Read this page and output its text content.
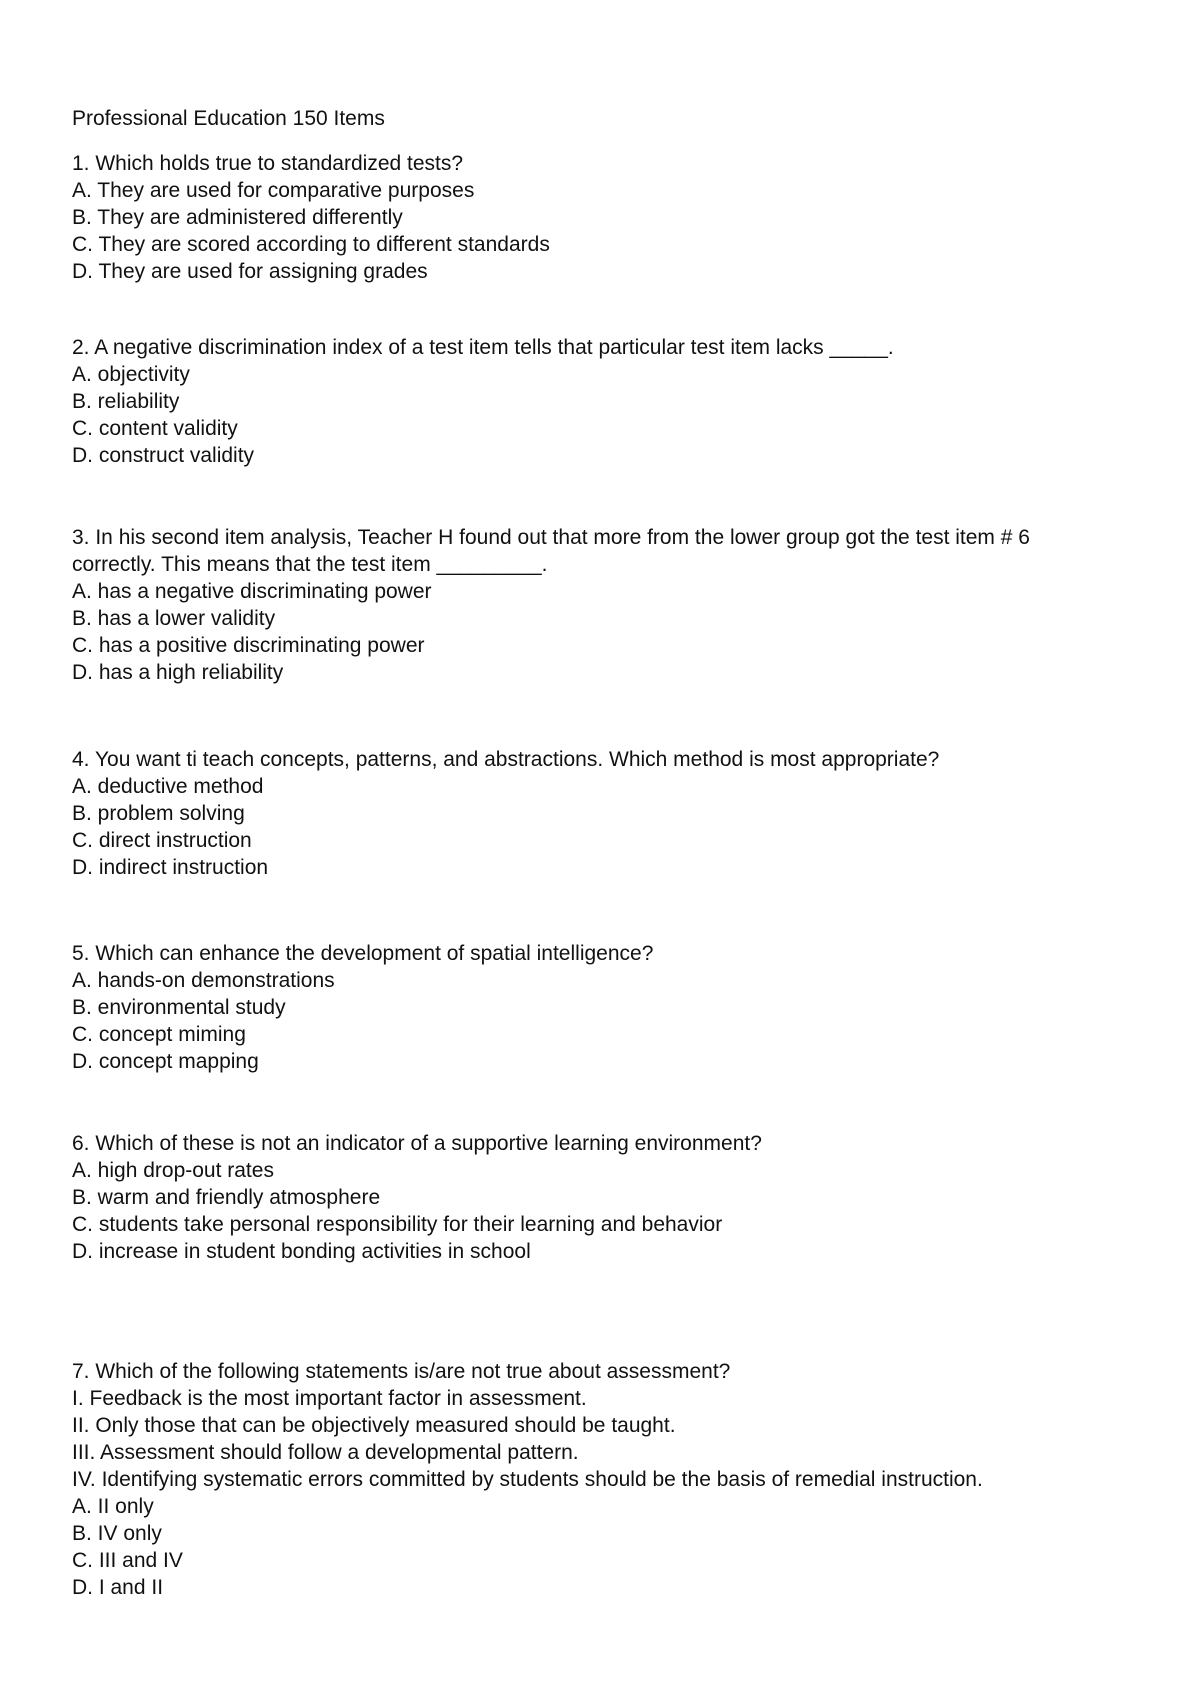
Professional Education 150 Items
1. Which holds true to standardized tests?
A. They are used for comparative purposes
B. They are administered differently
C. They are scored according to different standards
D. They are used for assigning grades
2. A negative discrimination index of a test item tells that particular test item lacks _____.
A. objectivity
B. reliability
C. content validity
D. construct validity
3. In his second item analysis, Teacher H found out that more from the lower group got the test item # 6
correctly. This means that the test item _________.
A. has a negative discriminating power
B. has a lower validity
C. has a positive discriminating power
D. has a high reliability
4. You want ti teach concepts, patterns, and abstractions. Which method is most appropriate?
A. deductive method
B. problem solving
C. direct instruction
D. indirect instruction
5. Which can enhance the development of spatial intelligence?
A. hands-on demonstrations
B. environmental study
C. concept miming
D. concept mapping
6. Which of these is not an indicator of a supportive learning environment?
A. high drop-out rates
B. warm and friendly atmosphere
C. students take personal responsibility for their learning and behavior
D. increase in student bonding activities in school
7. Which of the following statements is/are not true about assessment?
I. Feedback is the most important factor in assessment.
II. Only those that can be objectively measured should be taught.
III. Assessment should follow a developmental pattern.
IV. Identifying systematic errors committed by students should be the basis of remedial instruction.
A. II only
B. IV only
C. III and IV
D. I and II
